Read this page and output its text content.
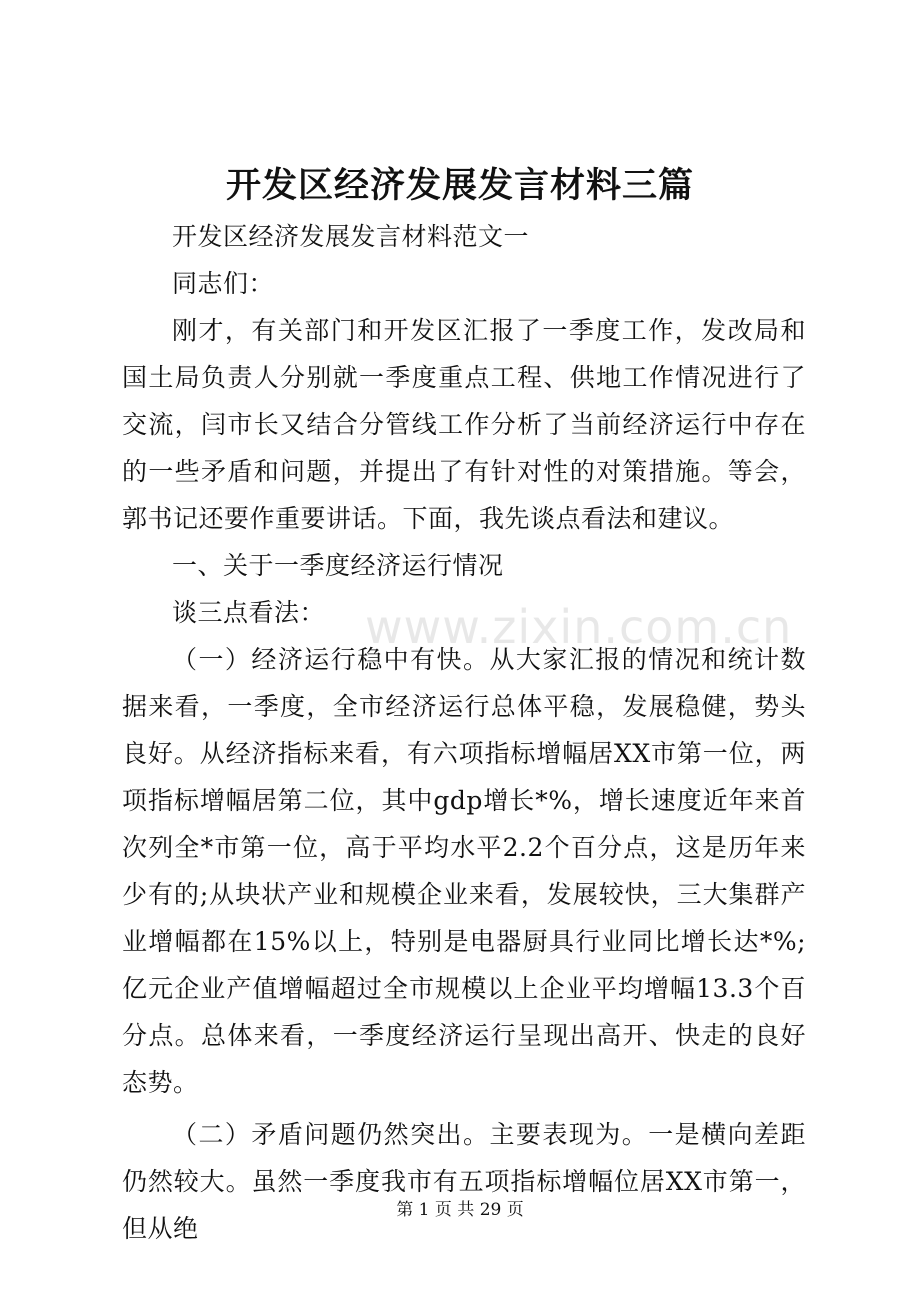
开发区经济发展发言材料三篇

开发区经济发展发言材料范文一

同志们：

刚才，有关部门和开发区汇报了一季度工作，发改局和国土局负责人分别就一季度重点工程、供地工作情况进行了交流，闫市长又结合分管线工作分析了当前经济运行中存在的一些矛盾和问题，并提出了有针对性的对策措施。等会，郭书记还要作重要讲话。下面，我先谈点看法和建议。

一、关于一季度经济运行情况

谈三点看法：

（一）经济运行稳中有快。从大家汇报的情况和统计数据来看，一季度，全市经济运行总体平稳，发展稳健，势头良好。从经济指标来看，有六项指标增幅居XX市第一位，两项指标增幅居第二位，其中gdp增长*%，增长速度近年来首次列全*市第一位，高于平均水平2.2个百分点，这是历年来少有的;从块状产业和规模企业来看，发展较快，三大集群产业增幅都在15%以上，特别是电器厨具行业同比增长达*%;亿元企业产值增幅超过全市规模以上企业平均增幅13.3个百分点。总体来看，一季度经济运行呈现出高开、快走的良好态势。

（二）矛盾问题仍然突出。主要表现为。一是横向差距仍然较大。虽然一季度我市有五项指标增幅位居XX市第一，但从绝

www.zixin.com.cn
第 1 页 共 29 页
